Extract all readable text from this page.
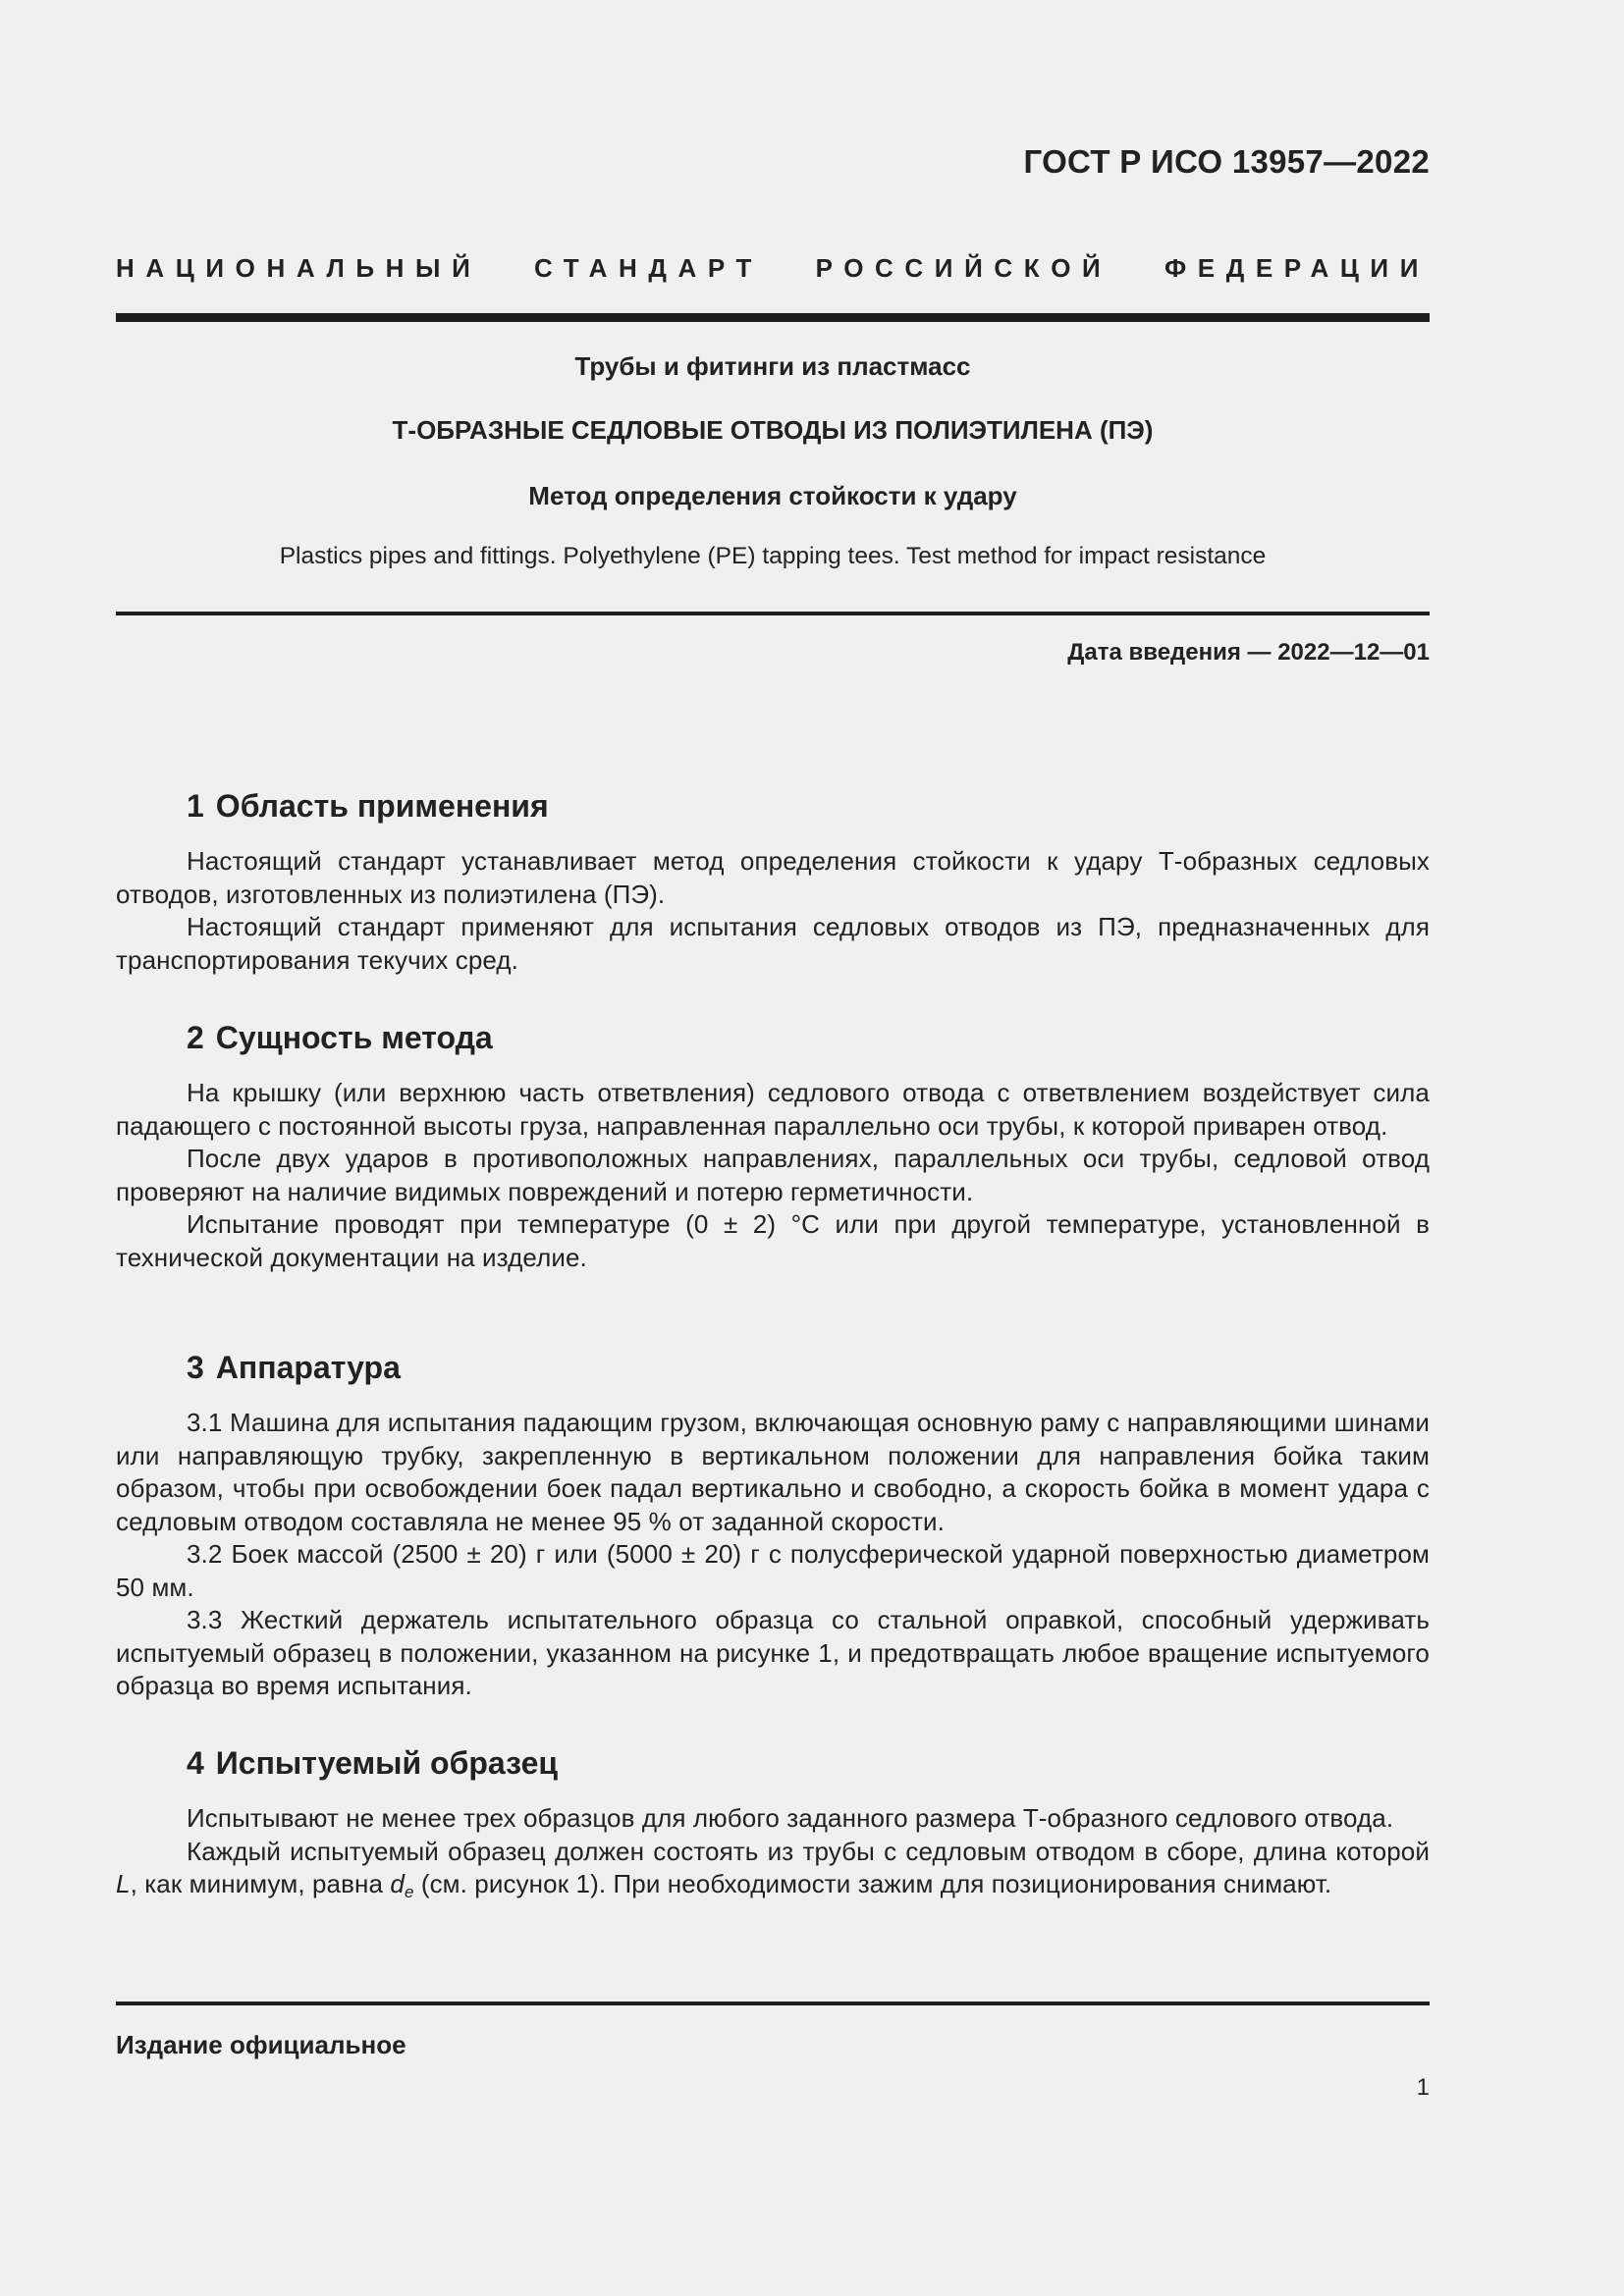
ГОСТ Р ИСО 13957—2022
НАЦИОНАЛЬНЫЙ СТАНДАРТ РОССИЙСКОЙ ФЕДЕРАЦИИ
Трубы и фитинги из пластмасс
Т-ОБРАЗНЫЕ СЕДЛОВЫЕ ОТВОДЫ ИЗ ПОЛИЭТИЛЕНА (ПЭ)
Метод определения стойкости к удару
Plastics pipes and fittings. Polyethylene (PE) tapping tees. Test method for impact resistance
Дата введения — 2022—12—01
1 Область применения

Настоящий стандарт устанавливает метод определения стойкости к удару Т-образных седловых отводов, изготовленных из полиэтилена (ПЭ).

Настоящий стандарт применяют для испытания седловых отводов из ПЭ, предназначенных для транспортирования текучих сред.

2 Сущность метода

На крышку (или верхнюю часть ответвления) седлового отвода с ответвлением воздействует сила падающего с постоянной высоты груза, направленная параллельно оси трубы, к которой приварен отвод.

После двух ударов в противоположных направлениях, параллельных оси трубы, седловой отвод проверяют на наличие видимых повреждений и потерю герметичности.

Испытание проводят при температуре (0 ± 2) °С или при другой температуре, установленной в технической документации на изделие.

3 Аппаратура

3.1 Машина для испытания падающим грузом, включающая основную раму с направляющими шинами или направляющую трубку, закрепленную в вертикальном положении для направления бойка таким образом, чтобы при освобождении боек падал вертикально и свободно, а скорость бойка в момент удара с седловым отводом составляла не менее 95 % от заданной скорости.

3.2 Боек массой (2500 ± 20) г или (5000 ± 20) г с полусферической ударной поверхностью диаметром 50 мм.

3.3 Жесткий держатель испытательного образца со стальной оправкой, способный удерживать испытуемый образец в положении, указанном на рисунке 1, и предотвращать любое вращение испытуемого образца во время испытания.

4 Испытуемый образец

Испытывают не менее трех образцов для любого заданного размера Т-образного седлового отвода.

Каждый испытуемый образец должен состоять из трубы с седловым отводом в сборе, длина которой L, как минимум, равна $d_e$ (см. рисунок 1). При необходимости зажим для позиционирования снимают.

Издание официальное
1
